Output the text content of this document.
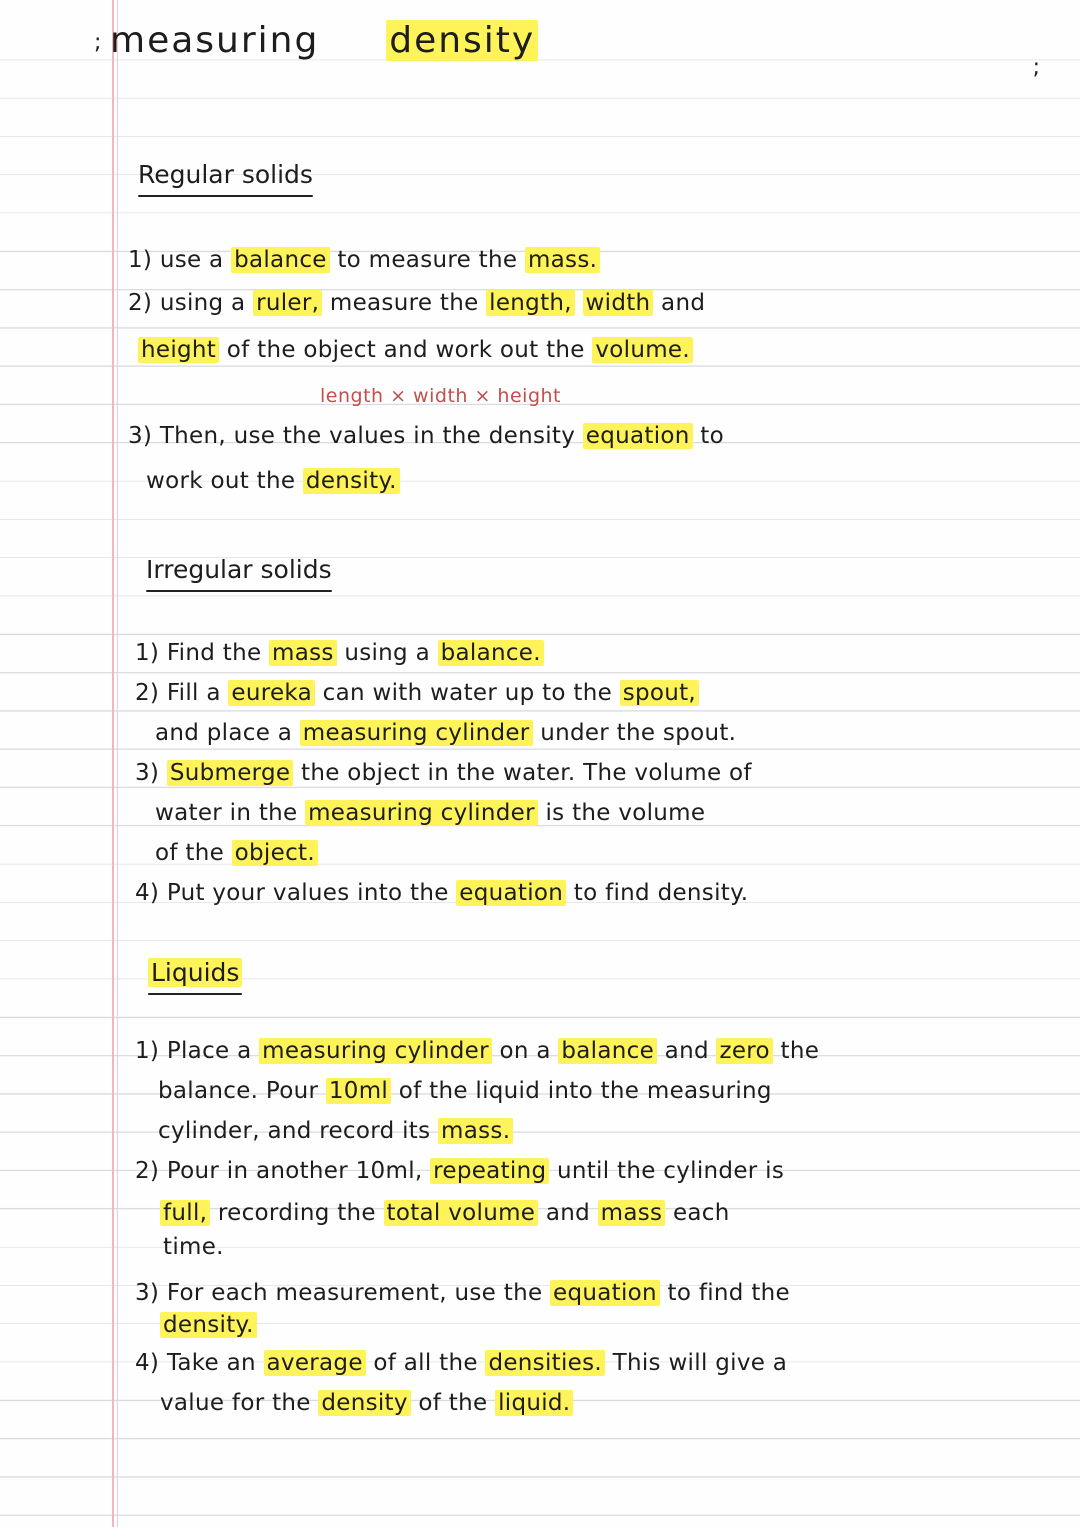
; measuring density
;
Regular solids
1) use a balance to measure the mass.
2) using a ruler, measure the length, width and
height of the object and work out the volume.
length × width × height
3) Then, use the values in the density equation to
work out the density.
Irregular solids
1) Find the mass using a balance.
2) Fill a eureka can with water up to the spout,
and place a measuring cylinder under the spout.
3) Submerge the object in the water. The volume of
water in the measuring cylinder is the volume
of the object.
4) Put your values into the equation to find density.
Liquids
1) Place a measuring cylinder on a balance and zero the
balance. Pour 10ml of the liquid into the measuring
cylinder, and record its mass.
2) Pour in another 10ml, repeating until the cylinder is
full, recording the total volume and mass each
time.
3) For each measurement, use the equation to find the
density.
4) Take an average of all the densities. This will give a
value for the density of the liquid.
